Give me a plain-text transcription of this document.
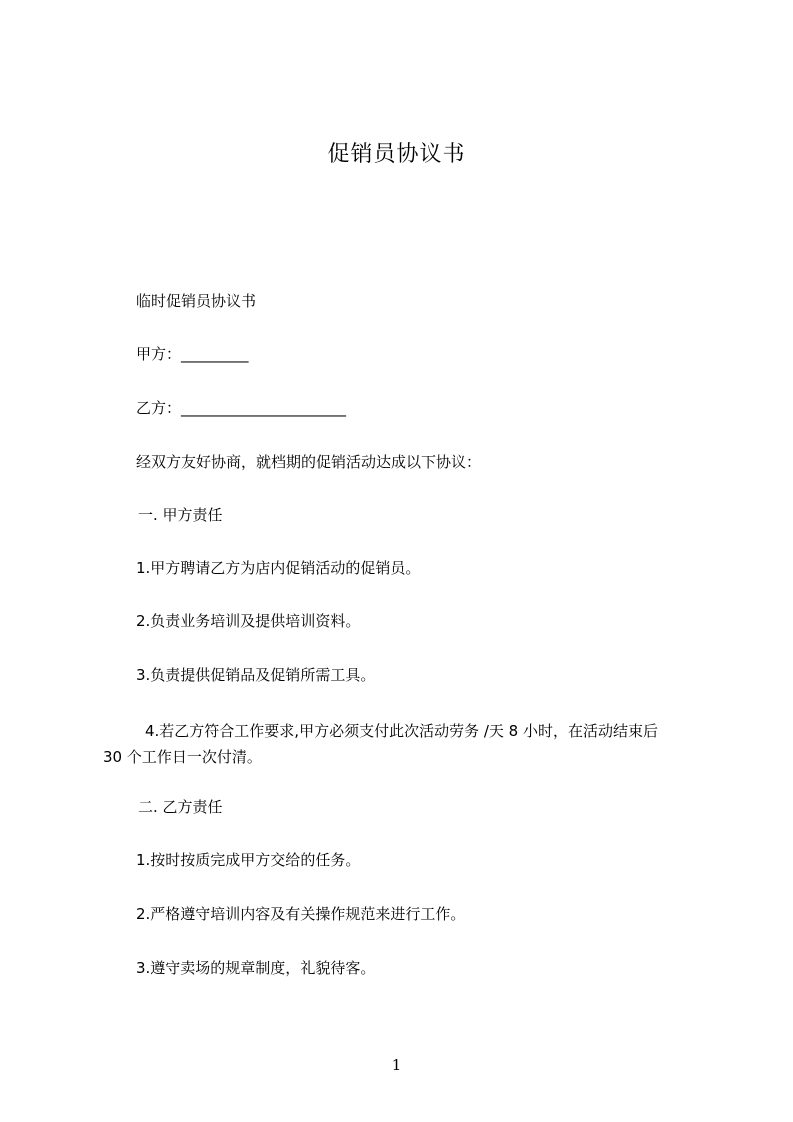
促销员协议书
临时促销员协议书
甲方：_________
乙方：______________________
经双方友好协商，就档期的促销活动达成以下协议：
一. 甲方责任
1.甲方聘请乙方为店内促销活动的促销员。
2.负责业务培训及提供培训资料。
3.负责提供促销品及促销所需工具。
4.若乙方符合工作要求,甲方必须支付此次活动劳务 /天 8 小时，在活动结束后
30 个工作日一次付清。
二. 乙方责任
1.按时按质完成甲方交给的任务。
2.严格遵守培训内容及有关操作规范来进行工作。
3.遵守卖场的规章制度，礼貌待客。
1
